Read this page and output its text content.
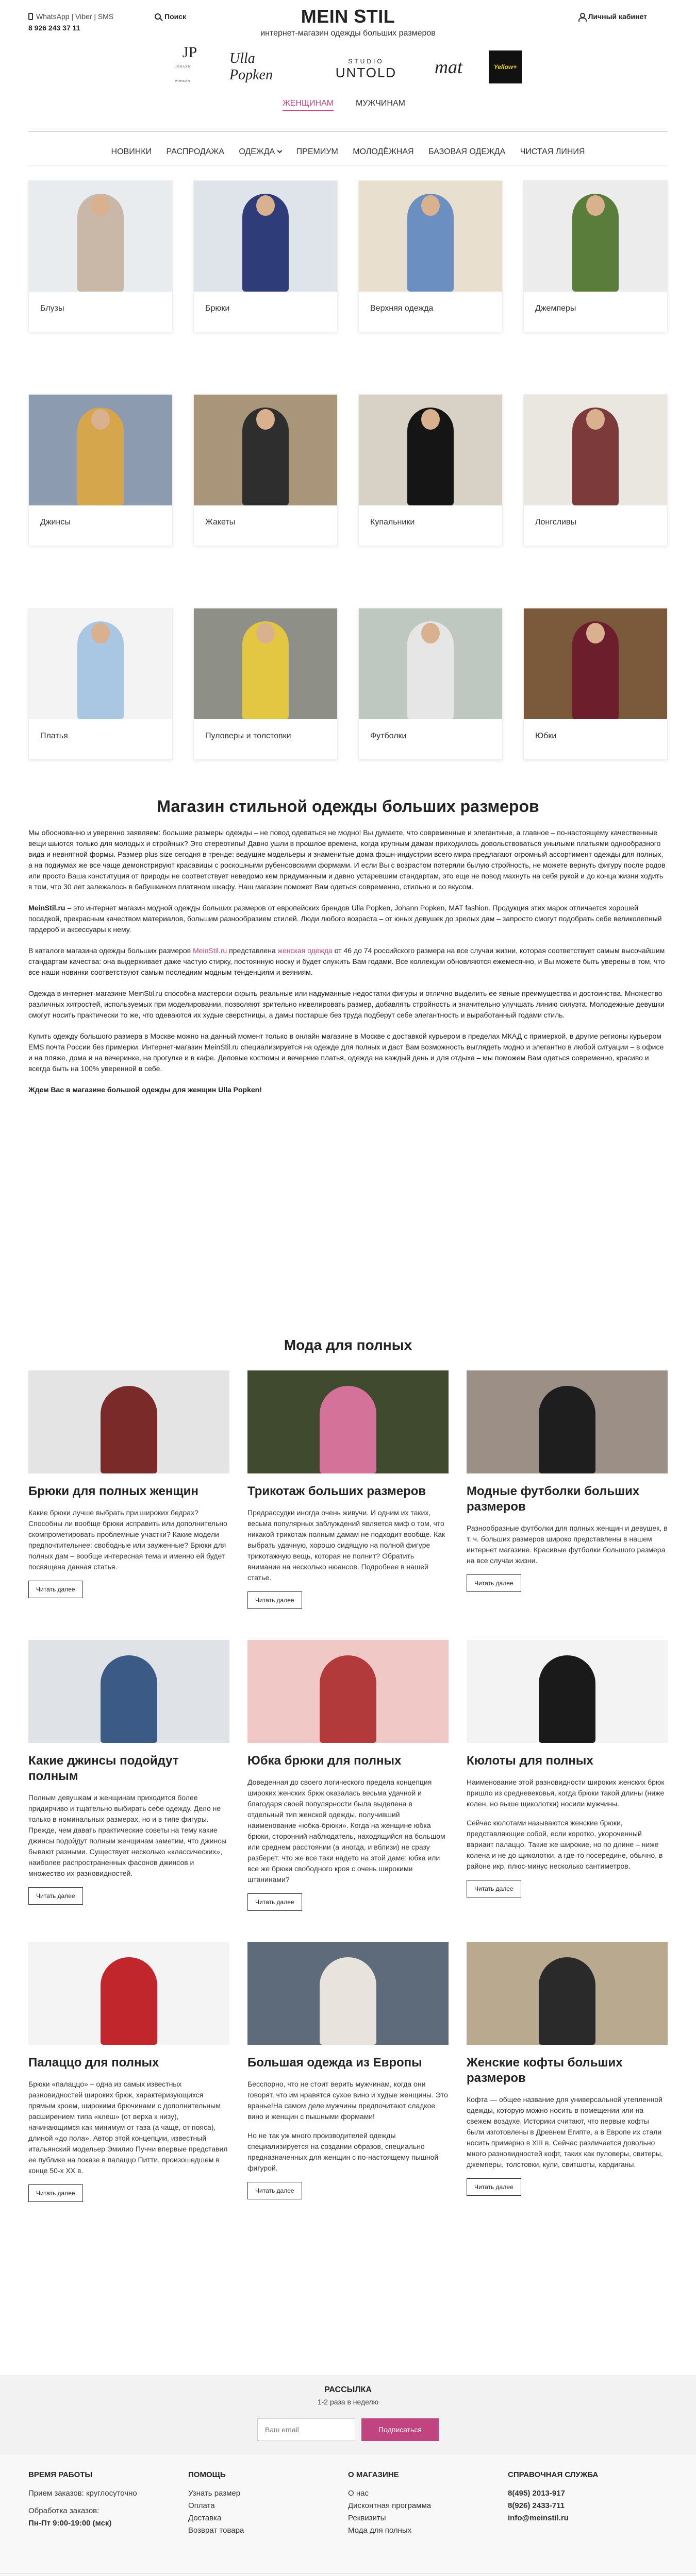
WhatsApp | Viber | SMS
8 926 243 37 11
Поиск	MEIN STIL
интернет-магазин одежды больших размеров
Личный кабинет
JP
JOHANN POPKEN
Ulla Popken
STUDIO
UNTOLD	mat	Yellow+
ЖЕНЩИНАМ	МУЖЧИНАМ
НОВИНКИ РАСПРОДАЖА ОДЕЖДА	ПРЕМИУМ МОЛОДЁЖНАЯ БАЗОВАЯ ОДЕЖДА ЧИСТАЯ ЛИНИЯ
Блузы	Брюки	Верхняя одежда	Джемперы
Джинсы	Жакеты	Купальники	Лонгсливы
Платья	Пуловеры и толстовки	Футболки	Юбки
Магазин стильной одежды больших размеров

Мы обоснованно и уверенно заявляем: большие размеры одежды – не повод одеваться не модно! Вы думаете, что современные и элегантные, а главное – по-настоящему качественные вещи шьются только для молодых и стройных? Это стереотипы! Давно ушли в прошлое времена, когда крупным дамам приходилось довольствоваться унылыми платьями однообразного вида и невнятной формы. Размер plus size сегодня в тренде: ведущие модельеры и знаменитые дома фэшн-индустрии всего мира предлагают огромный ассортимент одежды для полных, а на подиумах же все чаще демонстрируют красавицы с роскошными рубенсовскими формами. И если Вы с возрастом потеряли былую стройность, не можете вернуть фигуру после родов или просто Ваша конституция от природы не соответствует неведомо кем придуманным и давно устаревшим стандартам, это еще не повод махнуть на себя рукой и до конца жизни ходить в том, что 30 лет залежалось в бабушкином платяном шкафу. Наш магазин поможет Вам одеться современно, стильно и со вкусом.

MeinStil.ru – это интернет магазин модной одежды больших размеров от европейских брендов Ulla Popken, Johann Popken, MAT fashion. Продукция этих марок отличается хорошей посадкой, прекрасным качеством материалов, большим разнообразием стилей. Люди любого возраста – от юных девушек до зрелых дам – запросто смогут подобрать себе великолепный гардероб и аксессуары к нему.

В каталоге магазина одежды больших размеров MeinStil.ru представлена женская одежда от 46 до 74 российского размера на все случаи жизни, которая соответствует самым высочайшим стандартам качества: она выдерживает даже частую стирку, постоянную носку и будет служить Вам годами. Все коллекции обновляются ежемесячно, и Вы можете быть уверены в том, что все наши новинки соответствуют самым последним модным тенденциям и веяниям.

Одежда в интернет-магазине MeinStil.ru способна мастерски скрыть реальные или надуманные недостатки фигуры и отлично выделить ее явные преимущества и достоинства. Множество различных хитростей, используемых при моделировании, позволяют зрительно нивелировать размер, добавлять стройность и значительно улучшать линию силуэта. Молодежные девушки смогут носить практически то же, что одеваются их худые сверстницы, а дамы постарше без труда подберут себе элегантность и выработанный годами стиль.

Купить одежду большого размера в Москве можно на данный момент только в онлайн магазине в Москве с доставкой курьером в пределах МКАД с примеркой, в другие регионы курьером EMS почта России без примерки. Интернет-магазин MeinStil.ru специализируется на одежде для полных и даст Вам возможность выглядеть модно и элегантно в любой ситуации – в офисе и на пляже, дома и на вечеринке, на прогулке и в кафе. Деловые костюмы и вечерние платья, одежда на каждый день и для отдыха – мы поможем Вам одеться современно, красиво и всегда быть на 100% уверенной в себе.

Ждем Вас в магазине большой одежды для женщин Ulla Popken!

Мода для полных
Брюки для полных женщин

Какие брюки лучше выбрать при широких бедрах? Способны ли вообще брюки исправить или дополнительно скомпрометировать проблемные участки? Какие модели предпочтительнее: свободные или зауженные? Брюки для полных дам – вообще интересная тема и именно ей будет посвящена данная статья.

Читать далее
Трикотаж больших размеров

Предрассудки иногда очень живучи. И одним их таких, весьма популярных заблуждений является миф о том, что никакой трикотаж полным дамам не подходит вообще. Как выбрать удачную, хорошо сидящую на полной фигуре трикотажную вещь, которая не полнит? Обратить внимание на несколько нюансов. Подробнее в нашей статье.

Читать далее
Модные футболки больших размеров

Разнообразные футболки для полных женщин и девушек, в т. ч. больших размеров широко представлены в нашем интернет магазине. Красивые футболки большого размера на все случаи жизни.

Читать далее
Какие джинсы подойдут полным

Полным девушкам и женщинам приходится более придирчиво и тщательно выбирать себе одежду. Дело не только в номинальных размерах, но и в типе фигуры. Прежде, чем давать практические советы на тему какие джинсы подойдут полным женщинам заметим, что джинсы бывают разными. Существует несколько «классических», наиболее распространенных фасонов джинсов и множество их разновидностей.

Читать далее
Юбка брюки для полных

Доведенная до своего логического предела концепция широких женских брюк оказалась весьма удачной и благодаря своей популярности была выделена в отдельный тип женской одежды, получивший наименование «юбка-брюки». Когда на женщине юбка брюки, сторонний наблюдатель, находящийся на большом или среднем расстоянии (а иногда, и вблизи) не сразу разберет: что же все таки надето на этой даме: юбка или все же брюки свободного кроя с очень широкими штанинами?

Читать далее
Кюлоты для полных

Наименование этой разновидности широких женских брюк пришло из средневековья, когда брюки такой длины (ниже колен, но выше щиколотки) носили мужчины.

Сейчас кюлотами называются женские брюки, представляющие собой, если коротко, укороченный вариант палаццо. Такие же широкие, но по длине – ниже колена и не до щиколотки, а где-то посередине, обычно, в районе икр, плюс-минус несколько сантиметров.

Читать далее
Палаццо для полных

Брюки «палаццо» – одна из самых известных разновидностей широких брюк, характеризующихся прямым кроем, широкими брючинами с дополнительным расширением типа «клеш» (от верха к низу), начинающимся как минимум от таза (а чаще, от пояса), длиной «до пола». Автор этой концепции, известный итальянский модельер Эмилио Пуччи впервые представил ее публике на показе в палаццо Питти, произошедшем в конце 50-х XX в.

Читать далее
Большая одежда из Европы

Бесспорно, что не стоит верить мужчинам, когда они говорят, что им нравятся сухое вино и худые женщины. Это вранье!На самом деле мужчины предпочитают сладкое вино и женщин с пышными формами!

Но не так уж много производителей одежды специализируется на создании образов, специально предназначенных для женщин с по-настоящему пышной фигурой.

Читать далее
Женские кофты больших размеров

Кофта — общее название для универсальной утепленной одежды, которую можно носить в помещении или на свежем воздухе. Историки считают, что первые кофты были изготовлены в Древнем Египте, а в Европе их стали носить примерно в XIII в. Сейчас различается довольно много разновидностей кофт, таких как пуловеры, свитеры, джемперы, толстовки, кули, свитшоты, кардиганы.

Читать далее
РАССЫЛКА
1-2 раза в неделю
Ваш email
Подписаться
ВРЕМЯ РАБОТЫ
Прием заказов: круглосуточно
Обработка заказов:
Пн-Пт 9:00-19:00 (мск)
ПОМОЩЬ
Узнать размер
Оплата
Доставка
Возврат товара
О МАГАЗИНЕ
О нас
Дисконтная программа
Реквизиты
Мода для полных
СПРАВОЧНАЯ СЛУЖБА
8(495) 2013-917
8(926) 2433-711
info@meinstil.ru
